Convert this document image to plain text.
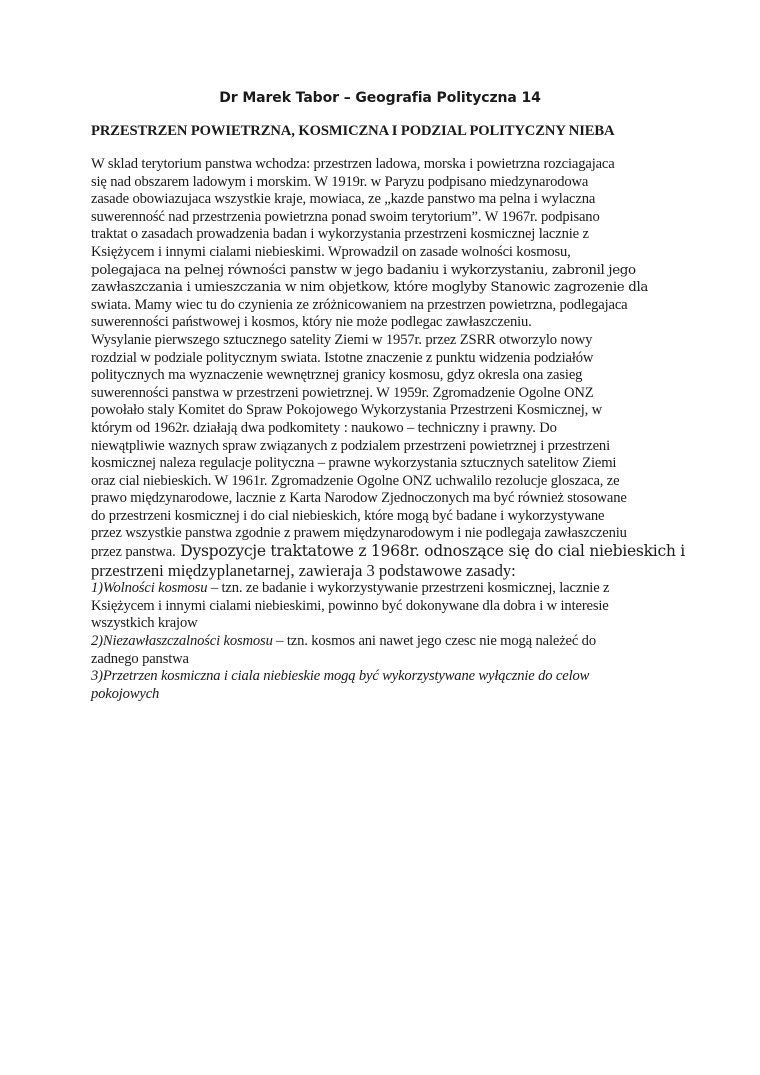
Dr Marek Tabor – Geografia Polityczna 14
PRZESTRZEN POWIETRZNA, KOSMICZNA I PODZIAL POLITYCZNY NIEBA

W sklad terytorium panstwa wchodza: przestrzen ladowa, morska i powietrzna rozciagajaca

się nad obszarem ladowym i morskim. W 1919r. w Paryzu podpisano miedzynarodowa

zasade obowiazujaca wszystkie kraje, mowiaca, ze „kazde panstwo ma pelna i wylaczna

suwerenność nad przestrzenia powietrzna ponad swoim terytorium”. W 1967r. podpisano

traktat o zasadach prowadzenia badan i wykorzystania przestrzeni kosmicznej lacznie z

Księżycem i innymi cialami niebieskimi. Wprowadzil on zasade wolności kosmosu,

polegajaca na pelnej równości panstw w jego badaniu i wykorzystaniu, zabronil jego

zawłaszczania i umieszczania w nim objetkow, które moglyby Stanowic zagrozenie dla

swiata. Mamy wiec tu do czynienia ze zróżnicowaniem na przestrzen powietrzna, podlegajaca

suwerenności państwowej i kosmos, który nie może podlegac zawłaszczeniu.

Wysylanie pierwszego sztucznego satelity Ziemi w 1957r. przez ZSRR otworzylo nowy

rozdzial w podziale politycznym swiata. Istotne znaczenie z punktu widzenia podziałów

politycznych ma wyznaczenie wewnętrznej granicy kosmosu, gdyz okresla ona zasieg

suwerenności panstwa w przestrzeni powietrznej. W 1959r. Zgromadzenie Ogolne ONZ

powołało staly Komitet do Spraw Pokojowego Wykorzystania Przestrzeni Kosmicznej, w

którym od 1962r. działają dwa podkomitety : naukowo – techniczny i prawny. Do

niewątpliwie waznych spraw związanych z podzialem przestrzeni powietrznej i przestrzeni

kosmicznej naleza regulacje polityczna – prawne wykorzystania sztucznych satelitow Ziemi

oraz cial niebieskich. W 1961r. Zgromadzenie Ogolne ONZ uchwalilo rezolucje gloszaca, ze

prawo międzynarodowe, lacznie z Karta Narodow Zjednoczonych ma być również stosowane

do przestrzeni kosmicznej i do cial niebieskich, które mogą być badane i wykorzystywane

przez wszystkie panstwa zgodnie z prawem międzynarodowym i nie podlegaja zawłaszczeniu

przez panstwa. Dyspozycje traktatowe z 1968r. odnoszące się do cial niebieskich i

przestrzeni międzyplanetarnej, zawieraja 3 podstawowe zasady:

1)Wolności kosmosu – tzn. ze badanie i wykorzystywanie przestrzeni kosmicznej, lacznie z

Księżycem i innymi cialami niebieskimi, powinno być dokonywane dla dobra i w interesie

wszystkich krajow

2)Niezawłaszczalności kosmosu – tzn. kosmos ani nawet jego czesc nie mogą należeć do

zadnego panstwa

3)Przetrzen kosmiczna i ciala niebieskie mogą być wykorzystywane wyłącznie do celow

pokojowych
